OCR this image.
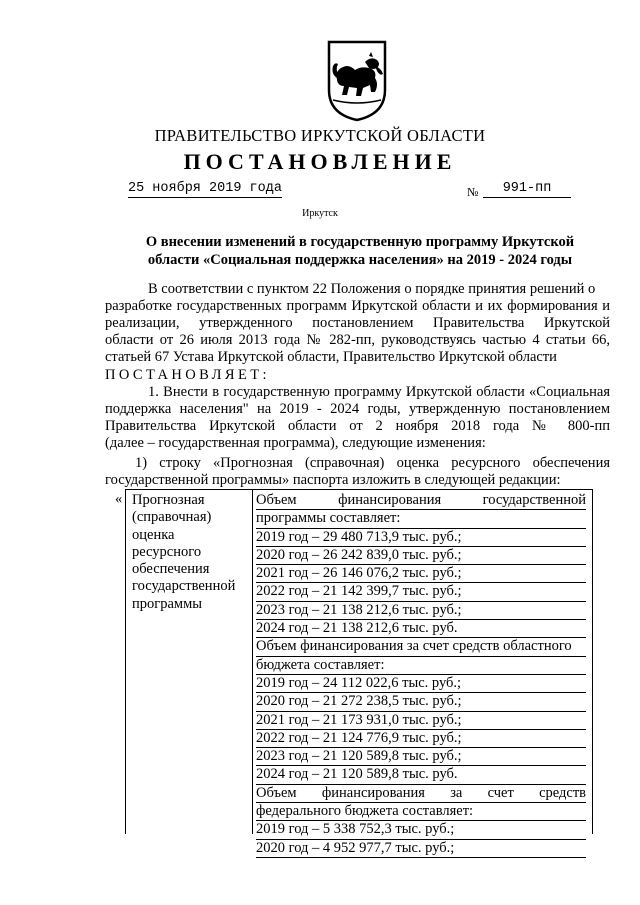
ПРАВИТЕЛЬСТВО ИРКУТСКОЙ ОБЛАСТИ
ПОСТАНОВЛЕНИЕ
25 ноября 2019 года	№	991-пп
Иркутск
О внесении изменений в государственную программу Иркутской
области «Социальная поддержка населения» на 2019 - 2024 годы
В соответствии с пунктом 22 Положения о порядке принятия решений о
разработке государственных программ Иркутской области и их формирования и
реализации, утвержденного постановлением Правительства Иркутской
области от 26 июля 2013 года № 282-пп, руководствуясь частью 4 статьи 66,
статьей 67 Устава Иркутской области, Правительство Иркутской области
ПОСТАНОВЛЯЕТ:
1. Внести в государственную программу Иркутской области «Социальная
поддержка населения" на 2019 - 2024 годы, утвержденную постановлением
Правительства Иркутской области от 2 ноября 2018 года № 800-пп
(далее – государственная программа), следующие изменения:
1) строку «Прогнозная (справочная) оценка ресурсного обеспечения
государственной программы» паспорта изложить в следующей редакции:
« Прогнозная
(справочная)
оценка
ресурсного
обеспечения
государственной
программы
Объем финансирования государственной
программы составляет:
2019 год – 29 480 713,9 тыс. руб.;
2020 год – 26 242 839,0 тыс. руб.;
2021 год – 26 146 076,2 тыс. руб.;
2022 год – 21 142 399,7 тыс. руб.;
2023 год – 21 138 212,6 тыс. руб.;
2024 год – 21 138 212,6 тыс. руб.
Объем финансирования за счет средств областного
бюджета составляет:
2019 год – 24 112 022,6 тыс. руб.;
2020 год – 21 272 238,5 тыс. руб.;
2021 год – 21 173 931,0 тыс. руб.;
2022 год – 21 124 776,9 тыс. руб.;
2023 год – 21 120 589,8 тыс. руб.;
2024 год – 21 120 589,8 тыс. руб.
Объем финансирования за счет средств
федерального бюджета составляет:
2019 год – 5 338 752,3 тыс. руб.;
2020 год – 4 952 977,7 тыс. руб.;
